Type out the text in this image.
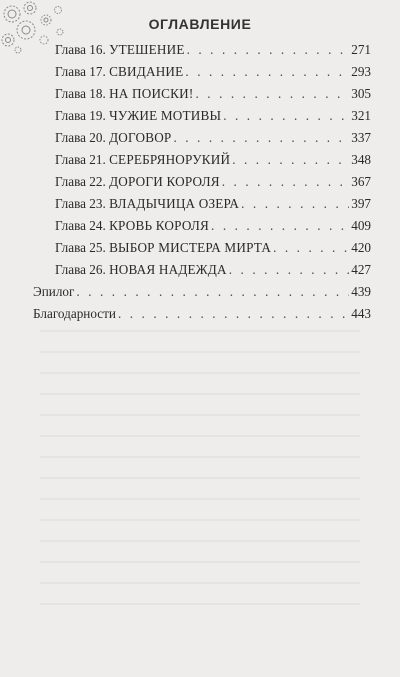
ОГЛАВЛЕНИЕ
Глава 16. УТЕШЕНИЕ . . .	271
Глава 17. СВИДАНИЕ . . .	293
Глава 18. НА ПОИСКИ! . . .	305
Глава 19. ЧУЖИЕ МОТИВЫ . . .	321
Глава 20. ДОГОВОР . . .	337
Глава 21. СЕРЕБРЯНОРУКИЙ . . .	348
Глава 22. ДОРОГИ КОРОЛЯ . . .	367
Глава 23. ВЛАДЫЧИЦА ОЗЕРА . . .	397
Глава 24. КРОВЬ КОРОЛЯ . . .	409
Глава 25. ВЫБОР МИСТЕРА МИРТА . . .	420
Глава 26. НОВАЯ НАДЕЖДА . . .	427
Эпилог . . .	439
Благодарности . . .	443
